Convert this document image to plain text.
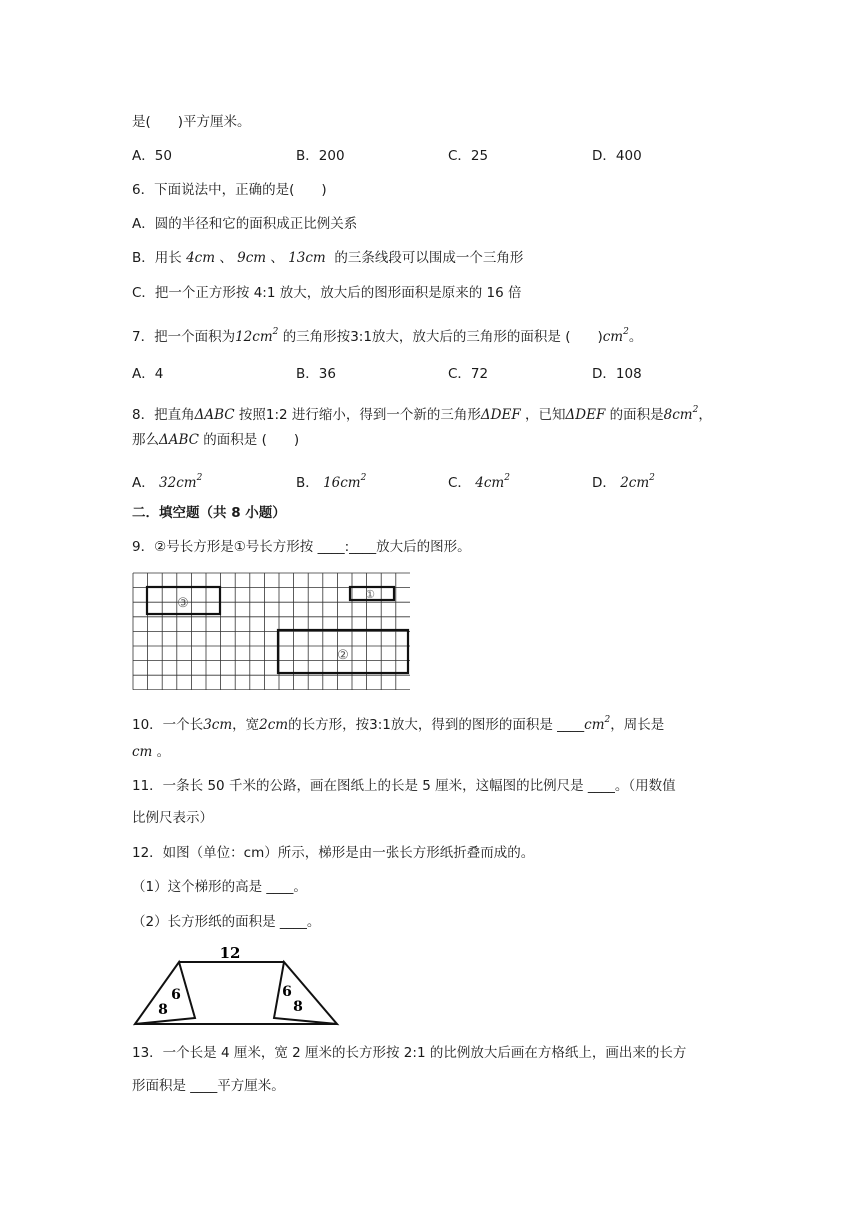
是(　　)平方厘米。
A．50	B．200	C．25	D．400
6．下面说法中，正确的是(　　)
A．圆的半径和它的面积成正比例关系
B．用长 4cm 、 9cm 、 13cm 的三条线段可以围成一个三角形
C．把一个正方形按 4:1 放大，放大后的图形面积是原来的 16 倍
7．把一个面积为$12cm^2$ 的三角形按3:1放大，放大后的三角形的面积是 (　　)$cm^2$。
A．4	B．36	C．72	D．108
8．把直角ΔABC 按照1:2 进行缩小，得到一个新的三角形ΔDEF ，已知ΔDEF 的面积是$8cm^2$，
那么ΔABC 的面积是 (　　)
A． $32cm^2$	B． $16cm^2$	C． $4cm^2$	D． $2cm^2$
二．填空题（共 8 小题）
9．②号长方形是①号长方形按 ____:____放大后的图形。
③
①
②
10．一个长3cm，宽2cm的长方形，按3:1放大，得到的图形的面积是 $\_\_\_\_cm^2$，周长是
cm 。
11．一条长 50 千米的公路，画在图纸上的长是 5 厘米，这幅图的比例尺是 ____。（用数值
比例尺表示）
12．如图（单位：cm）所示，梯形是由一张长方形纸折叠而成的。
（1）这个梯形的高是 ____。
（2）长方形纸的面积是 ____。
12
6
8
6
8
13．一个长是 4 厘米，宽 2 厘米的长方形按 2:1 的比例放大后画在方格纸上，画出来的长方
形面积是 ____平方厘米。
